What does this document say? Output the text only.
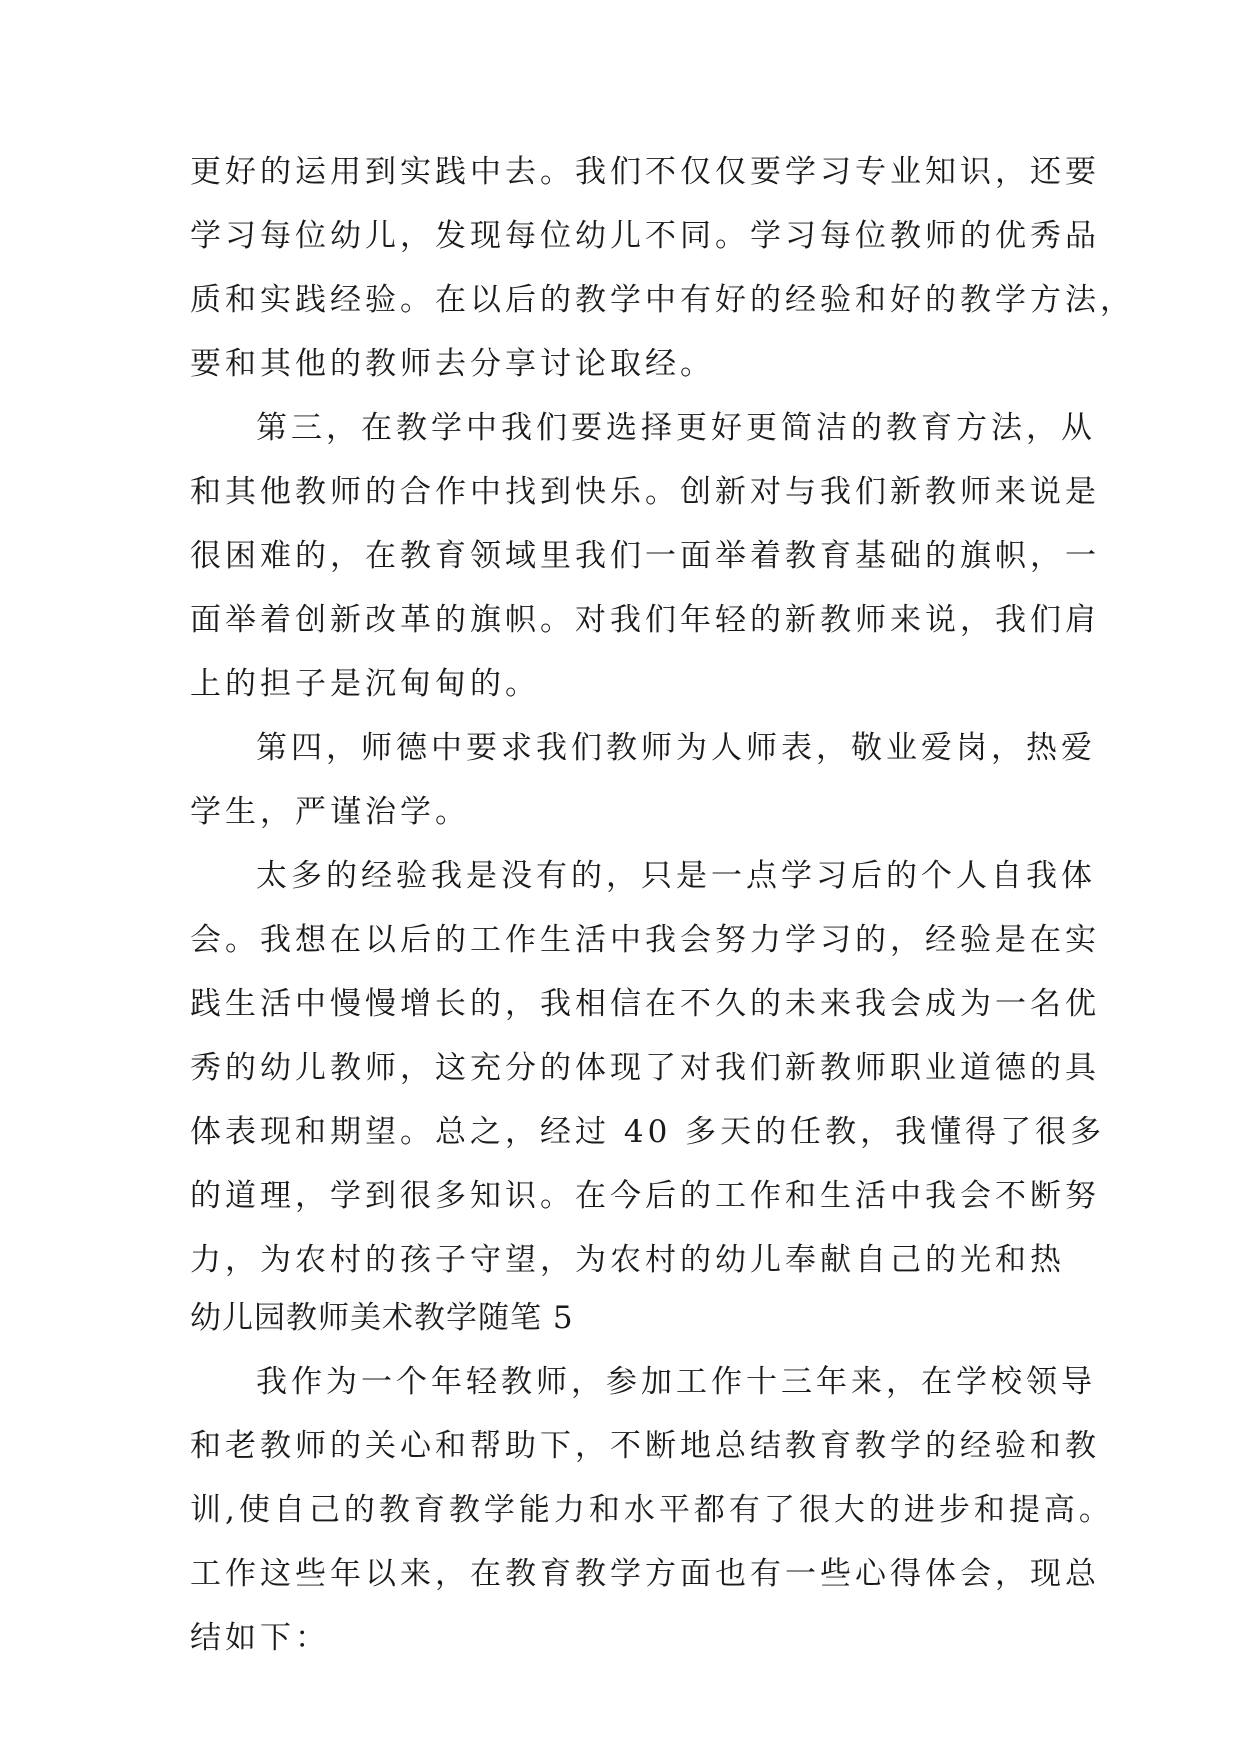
更好的运用到实践中去。我们不仅仅要学习专业知识，还要
学习每位幼儿，发现每位幼儿不同。学习每位教师的优秀品
质和实践经验。在以后的教学中有好的经验和好的教学方法，
要和其他的教师去分享讨论取经。
第三，在教学中我们要选择更好更简洁的教育方法，从
和其他教师的合作中找到快乐。创新对与我们新教师来说是
很困难的，在教育领域里我们一面举着教育基础的旗帜，一
面举着创新改革的旗帜。对我们年轻的新教师来说，我们肩
上的担子是沉甸甸的。
第四，师德中要求我们教师为人师表，敬业爱岗，热爱
学生，严谨治学。
太多的经验我是没有的，只是一点学习后的个人自我体
会。我想在以后的工作生活中我会努力学习的，经验是在实
践生活中慢慢增长的，我相信在不久的未来我会成为一名优
秀的幼儿教师，这充分的体现了对我们新教师职业道德的具
体表现和期望。总之，经过 40 多天的任教，我懂得了很多
的道理，学到很多知识。在今后的工作和生活中我会不断努
力，为农村的孩子守望，为农村的幼儿奉献自己的光和热
幼儿园教师美术教学随笔 5
我作为一个年轻教师，参加工作十三年来，在学校领导
和老教师的关心和帮助下，不断地总结教育教学的经验和教
训,使自己的教育教学能力和水平都有了很大的进步和提高。
工作这些年以来，在教育教学方面也有一些心得体会，现总
结如下：
